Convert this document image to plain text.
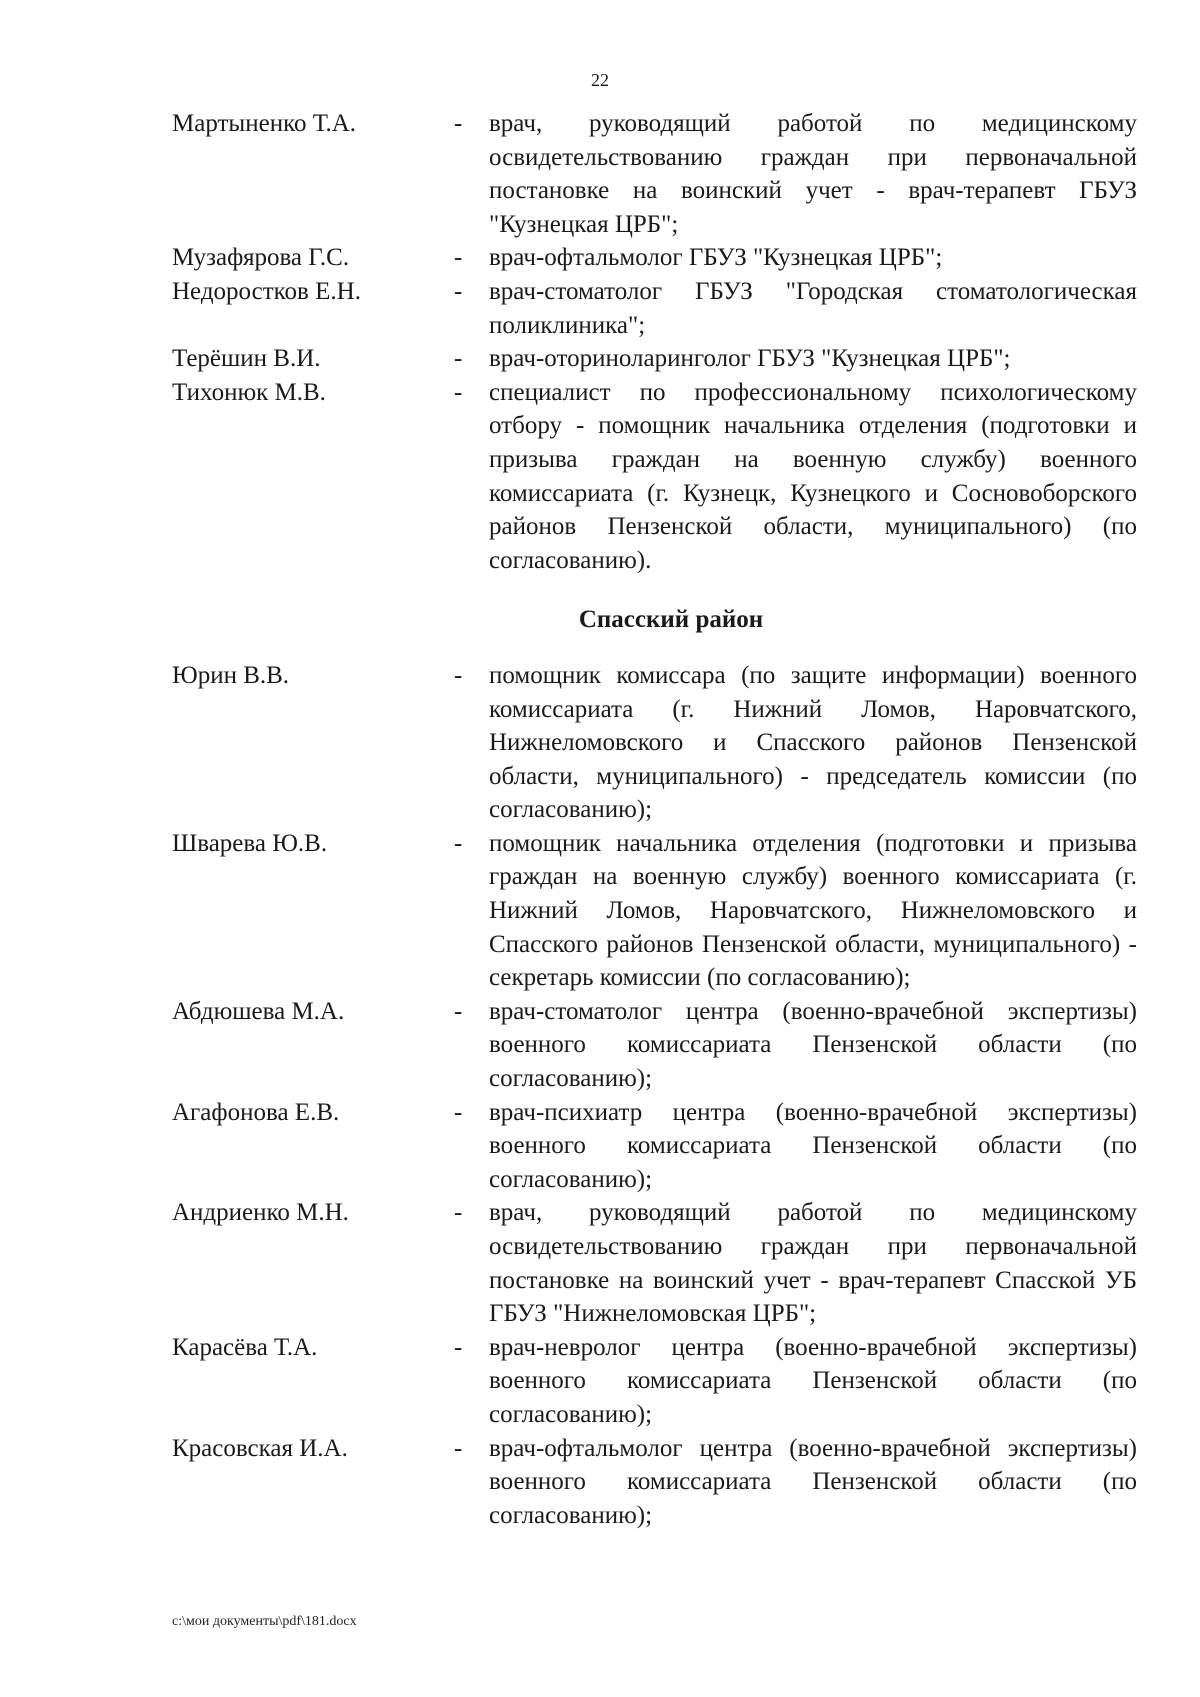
22
Мартыненко Т.А.	-	врач, руководящий работой по медицинскому освидетельствованию граждан при первоначальной постановке на воинский учет - врач-терапевт ГБУЗ "Кузнецкая ЦРБ";
Музафярова Г.С.	-	врач-офтальмолог ГБУЗ "Кузнецкая ЦРБ";
Недоростков Е.Н.	-	врач-стоматолог ГБУЗ "Городская стоматологическая поликлиника";
Терёшин В.И.	-	врач-оториноларинголог ГБУЗ "Кузнецкая ЦРБ";
Тихонюк М.В.	-	специалист по профессиональному психологическому отбору - помощник начальника отделения (подготовки и призыва граждан на военную службу) военного комиссариата (г. Кузнецк, Кузнецкого и Сосновоборского районов Пензенской области, муниципального) (по согласованию).
Спасский район
Юрин В.В.	-	помощник комиссара (по защите информации) военного комиссариата (г. Нижний Ломов, Наровчатского, Нижнеломовского и Спасского районов Пензенской области, муниципального) - председатель комиссии (по согласованию);
Шварева Ю.В.	-	помощник начальника отделения (подготовки и призыва граждан на военную службу) военного комиссариата (г. Нижний Ломов, Наровчатского, Нижнеломовского и Спасского районов Пензенской области, муниципального) - секретарь комиссии (по согласованию);
Абдюшева М.А.	-	врач-стоматолог центра (военно-врачебной экспертизы) военного комиссариата Пензенской области (по согласованию);
Агафонова Е.В.	-	врач-психиатр центра (военно-врачебной экспертизы) военного комиссариата Пензенской области (по согласованию);
Андриенко М.Н.	-	врач, руководящий работой по медицинскому освидетельствованию граждан при первоначальной постановке на воинский учет - врач-терапевт Спасской УБ ГБУЗ "Нижнеломовская ЦРБ";
Карасёва Т.А.	-	врач-невролог центра (военно-врачебной экспертизы) военного комиссариата Пензенской области (по согласованию);
Красовская И.А.	-	врач-офтальмолог центра (военно-врачебной экспертизы) военного комиссариата Пензенской области (по согласованию);
c:\мои документы\pdf\181.docx
